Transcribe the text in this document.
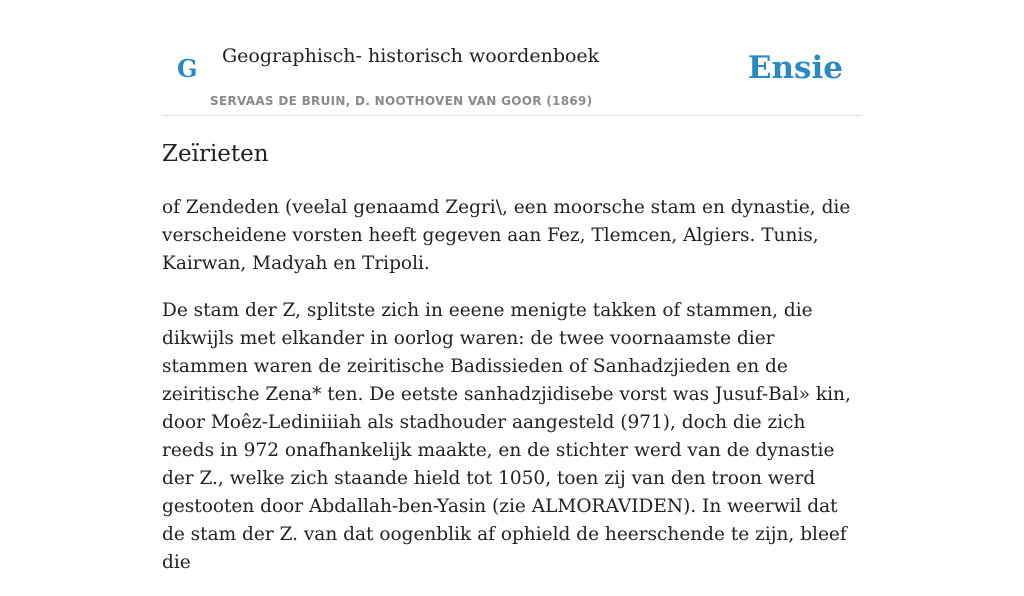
G Geographisch- historisch woordenboek
SERVAAS DE BRUIN, D. NOOTHOVEN VAN GOOR (1869)
Ensie
Zeïrieten

of Zendeden (veelal genaamd Zegri\, een moorsche stam en dynastie, die verscheidene vorsten heeft gegeven aan Fez, Tlemcen, Algiers. Tunis, Kairwan, Madyah en Tripoli.

De stam der Z, splitste zich in eeene menigte takken of stammen, die dikwijls met elkander in oorlog waren: de twee voornaamste dier stammen waren de zeiritische Badissieden of Sanhadzjieden en de zeiritische Zena* ten. De eetste sanhadzjidisebe vorst was Jusuf-Bal» kin, door Moêz-Lediniiiah als stadhouder aangesteld (971), doch die zich reeds in 972 onafhankelijk maakte, en de stichter werd van de dynastie der Z., welke zich staande hield tot 1050, toen zij van den troon werd gestooten door Abdallah-ben-Yasin (zie ALMORAVIDEN). In weerwil dat de stam der Z. van dat oogenblik af ophield de heerschende te zijn, bleef die
